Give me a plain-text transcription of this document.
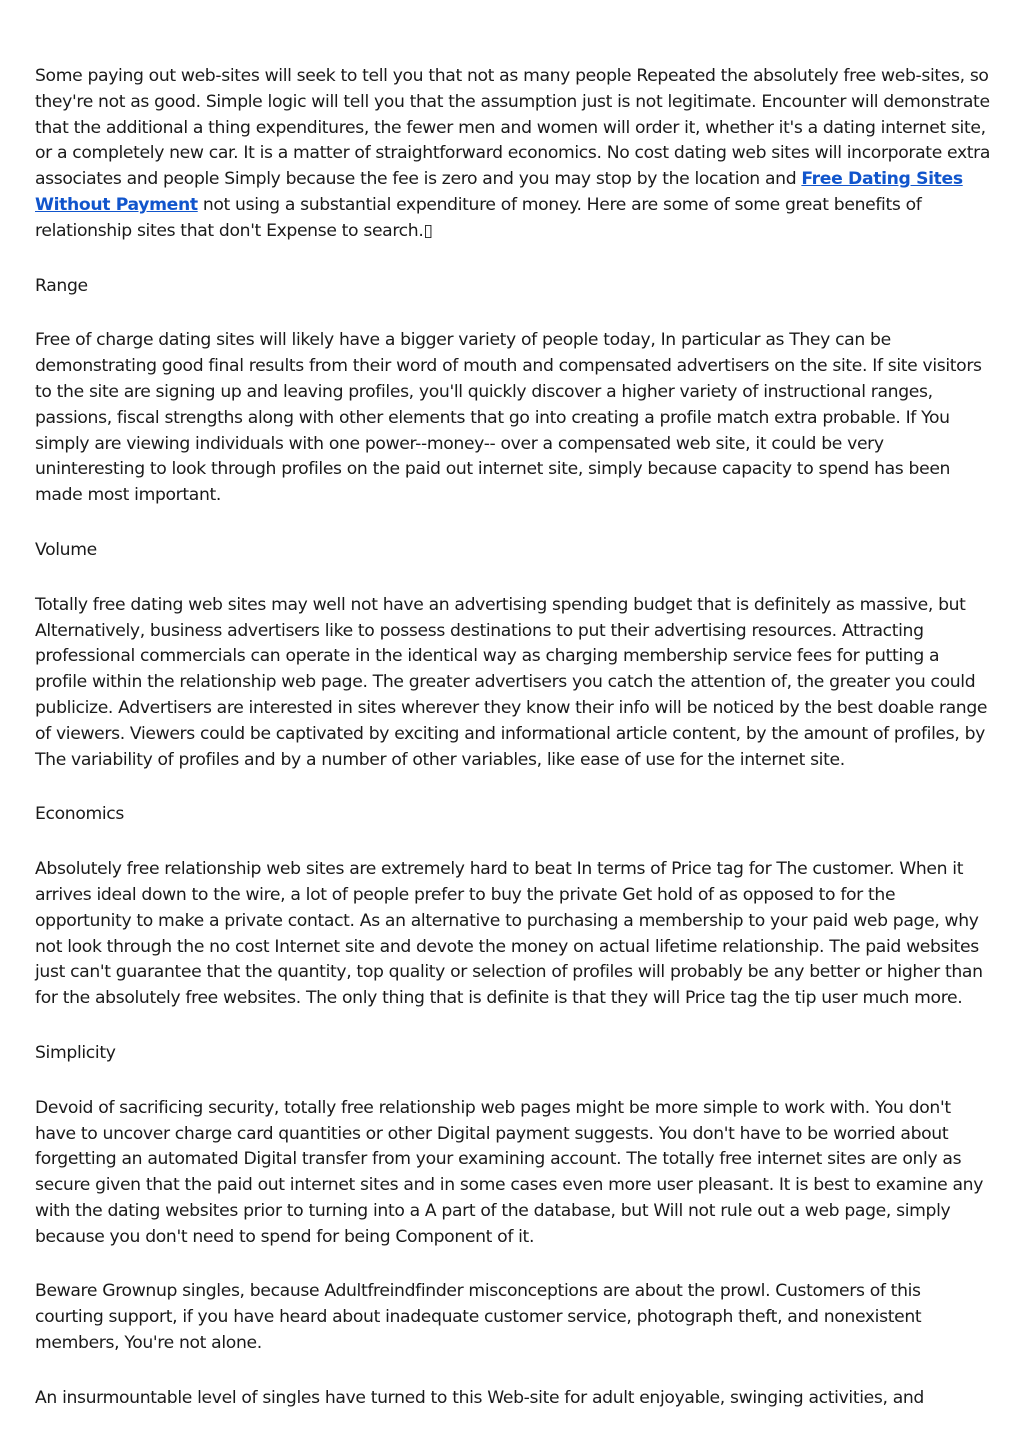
Some paying out web-sites will seek to tell you that not as many people Repeated the absolutely free web-sites, so they're not as good. Simple logic will tell you that the assumption just is not legitimate. Encounter will demonstrate that the additional a thing expenditures, the fewer men and women will order it, whether it's a dating internet site, or a completely new car. It is a matter of straightforward economics. No cost dating web sites will incorporate extra associates and people Simply because the fee is zero and you may stop by the location and Free Dating Sites Without Payment not using a substantial expenditure of money. Here are some of some great benefits of relationship sites that don't Expense to search.▯

Range

Free of charge dating sites will likely have a bigger variety of people today, In particular as They can be demonstrating good final results from their word of mouth and compensated advertisers on the site. If site visitors to the site are signing up and leaving profiles, you'll quickly discover a higher variety of instructional ranges, passions, fiscal strengths along with other elements that go into creating a profile match extra probable. If You simply are viewing individuals with one power--money-- over a compensated web site, it could be very uninteresting to look through profiles on the paid out internet site, simply because capacity to spend has been made most important.

Volume

Totally free dating web sites may well not have an advertising spending budget that is definitely as massive, but Alternatively, business advertisers like to possess destinations to put their advertising resources. Attracting professional commercials can operate in the identical way as charging membership service fees for putting a profile within the relationship web page. The greater advertisers you catch the attention of, the greater you could publicize. Advertisers are interested in sites wherever they know their info will be noticed by the best doable range of viewers. Viewers could be captivated by exciting and informational article content, by the amount of profiles, by The variability of profiles and by a number of other variables, like ease of use for the internet site.

Economics

Absolutely free relationship web sites are extremely hard to beat In terms of Price tag for The customer. When it arrives ideal down to the wire, a lot of people prefer to buy the private Get hold of as opposed to for the opportunity to make a private contact. As an alternative to purchasing a membership to your paid web page, why not look through the no cost Internet site and devote the money on actual lifetime relationship. The paid websites just can't guarantee that the quantity, top quality or selection of profiles will probably be any better or higher than for the absolutely free websites. The only thing that is definite is that they will Price tag the tip user much more.

Simplicity

Devoid of sacrificing security, totally free relationship web pages might be more simple to work with. You don't have to uncover charge card quantities or other Digital payment suggests. You don't have to be worried about forgetting an automated Digital transfer from your examining account. The totally free internet sites are only as secure given that the paid out internet sites and in some cases even more user pleasant. It is best to examine any with the dating websites prior to turning into a A part of the database, but Will not rule out a web page, simply because you don't need to spend for being Component of it.

Beware Grownup singles, because Adultfreindfinder misconceptions are about the prowl. Customers of this courting support, if you have heard about inadequate customer service, photograph theft, and nonexistent members, You're not alone.

An insurmountable level of singles have turned to this Web-site for adult enjoyable, swinging activities, and
